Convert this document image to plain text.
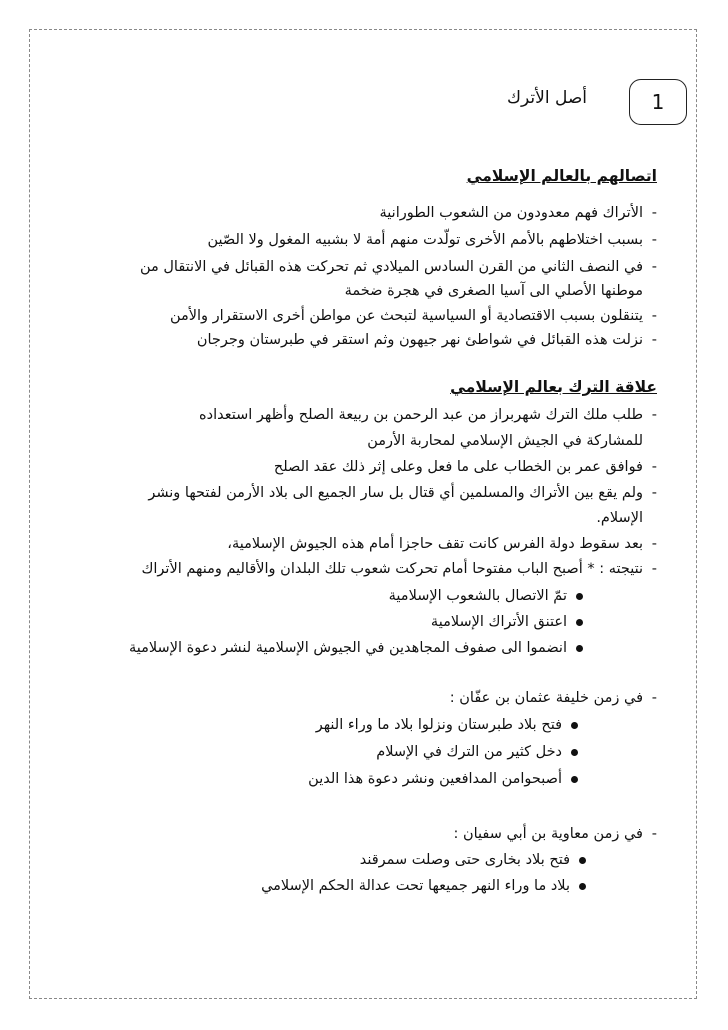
1
أصل الأترك
اتصالهم بالعالم الإسلامي
-الأتراك فهم معدودون من الشعوب الطورانية
-بسبب اختلاطهم بالأمم الأخرى تولّدت منهم أمة لا بشبيه المغول ولا الصّين
-في النصف الثاني من القرن السادس الميلادي ثم تحركت هذه القبائل في الانتقال من
موطنها الأصلي الى آسيا الصغرى في هجرة ضخمة
-يتنقلون بسبب الاقتصادية أو السياسية لتبحث عن مواطن أخرى الاستقرار والأمن
-نزلت هذه القبائل في شواطئ نهر جيهون وثم استقر في طبرستان وجرجان
علاقة الترك بعالم الإسلامي
-طلب ملك الترك شهربراز من عبد الرحمن بن ربيعة الصلح وأظهر استعداده
للمشاركة في الجيش الإسلامي لمحاربة الأرمن
-فوافق عمر بن الخطاب على ما فعل وعلى إثر ذلك عقد الصلح
-ولم يقع بين الأتراك والمسلمين أي قتال بل سار الجميع الى بلاد الأرمن لفتحها ونشر
الإسلام.
-بعد سقوط دولة الفرس كانت تقف حاجزا أمام هذه الجيوش الإسلامية،
-نتيجته : * أصبح الباب مفتوحا أمام تحركت شعوب تلك البلدان والأقاليم ومنهم الأتراك
تمّ الاتصال بالشعوب الإسلامية
اعتنق الأتراك الإسلامية
انضموا الى صفوف المجاهدين في الجيوش الإسلامية لنشر دعوة الإسلامية
-في زمن خليفة عثمان بن عفّان :
فتح بلاد طبرستان ونزلوا بلاد ما وراء النهر
دخل كثير من الترك في الإسلام
أصبحوامن المدافعين ونشر دعوة هذا الدين
-في زمن معاوية بن أبي سفيان :
فتح بلاد بخارى حتى وصلت سمرقند
بلاد ما وراء النهر جميعها تحت عدالة الحكم الإسلامي
